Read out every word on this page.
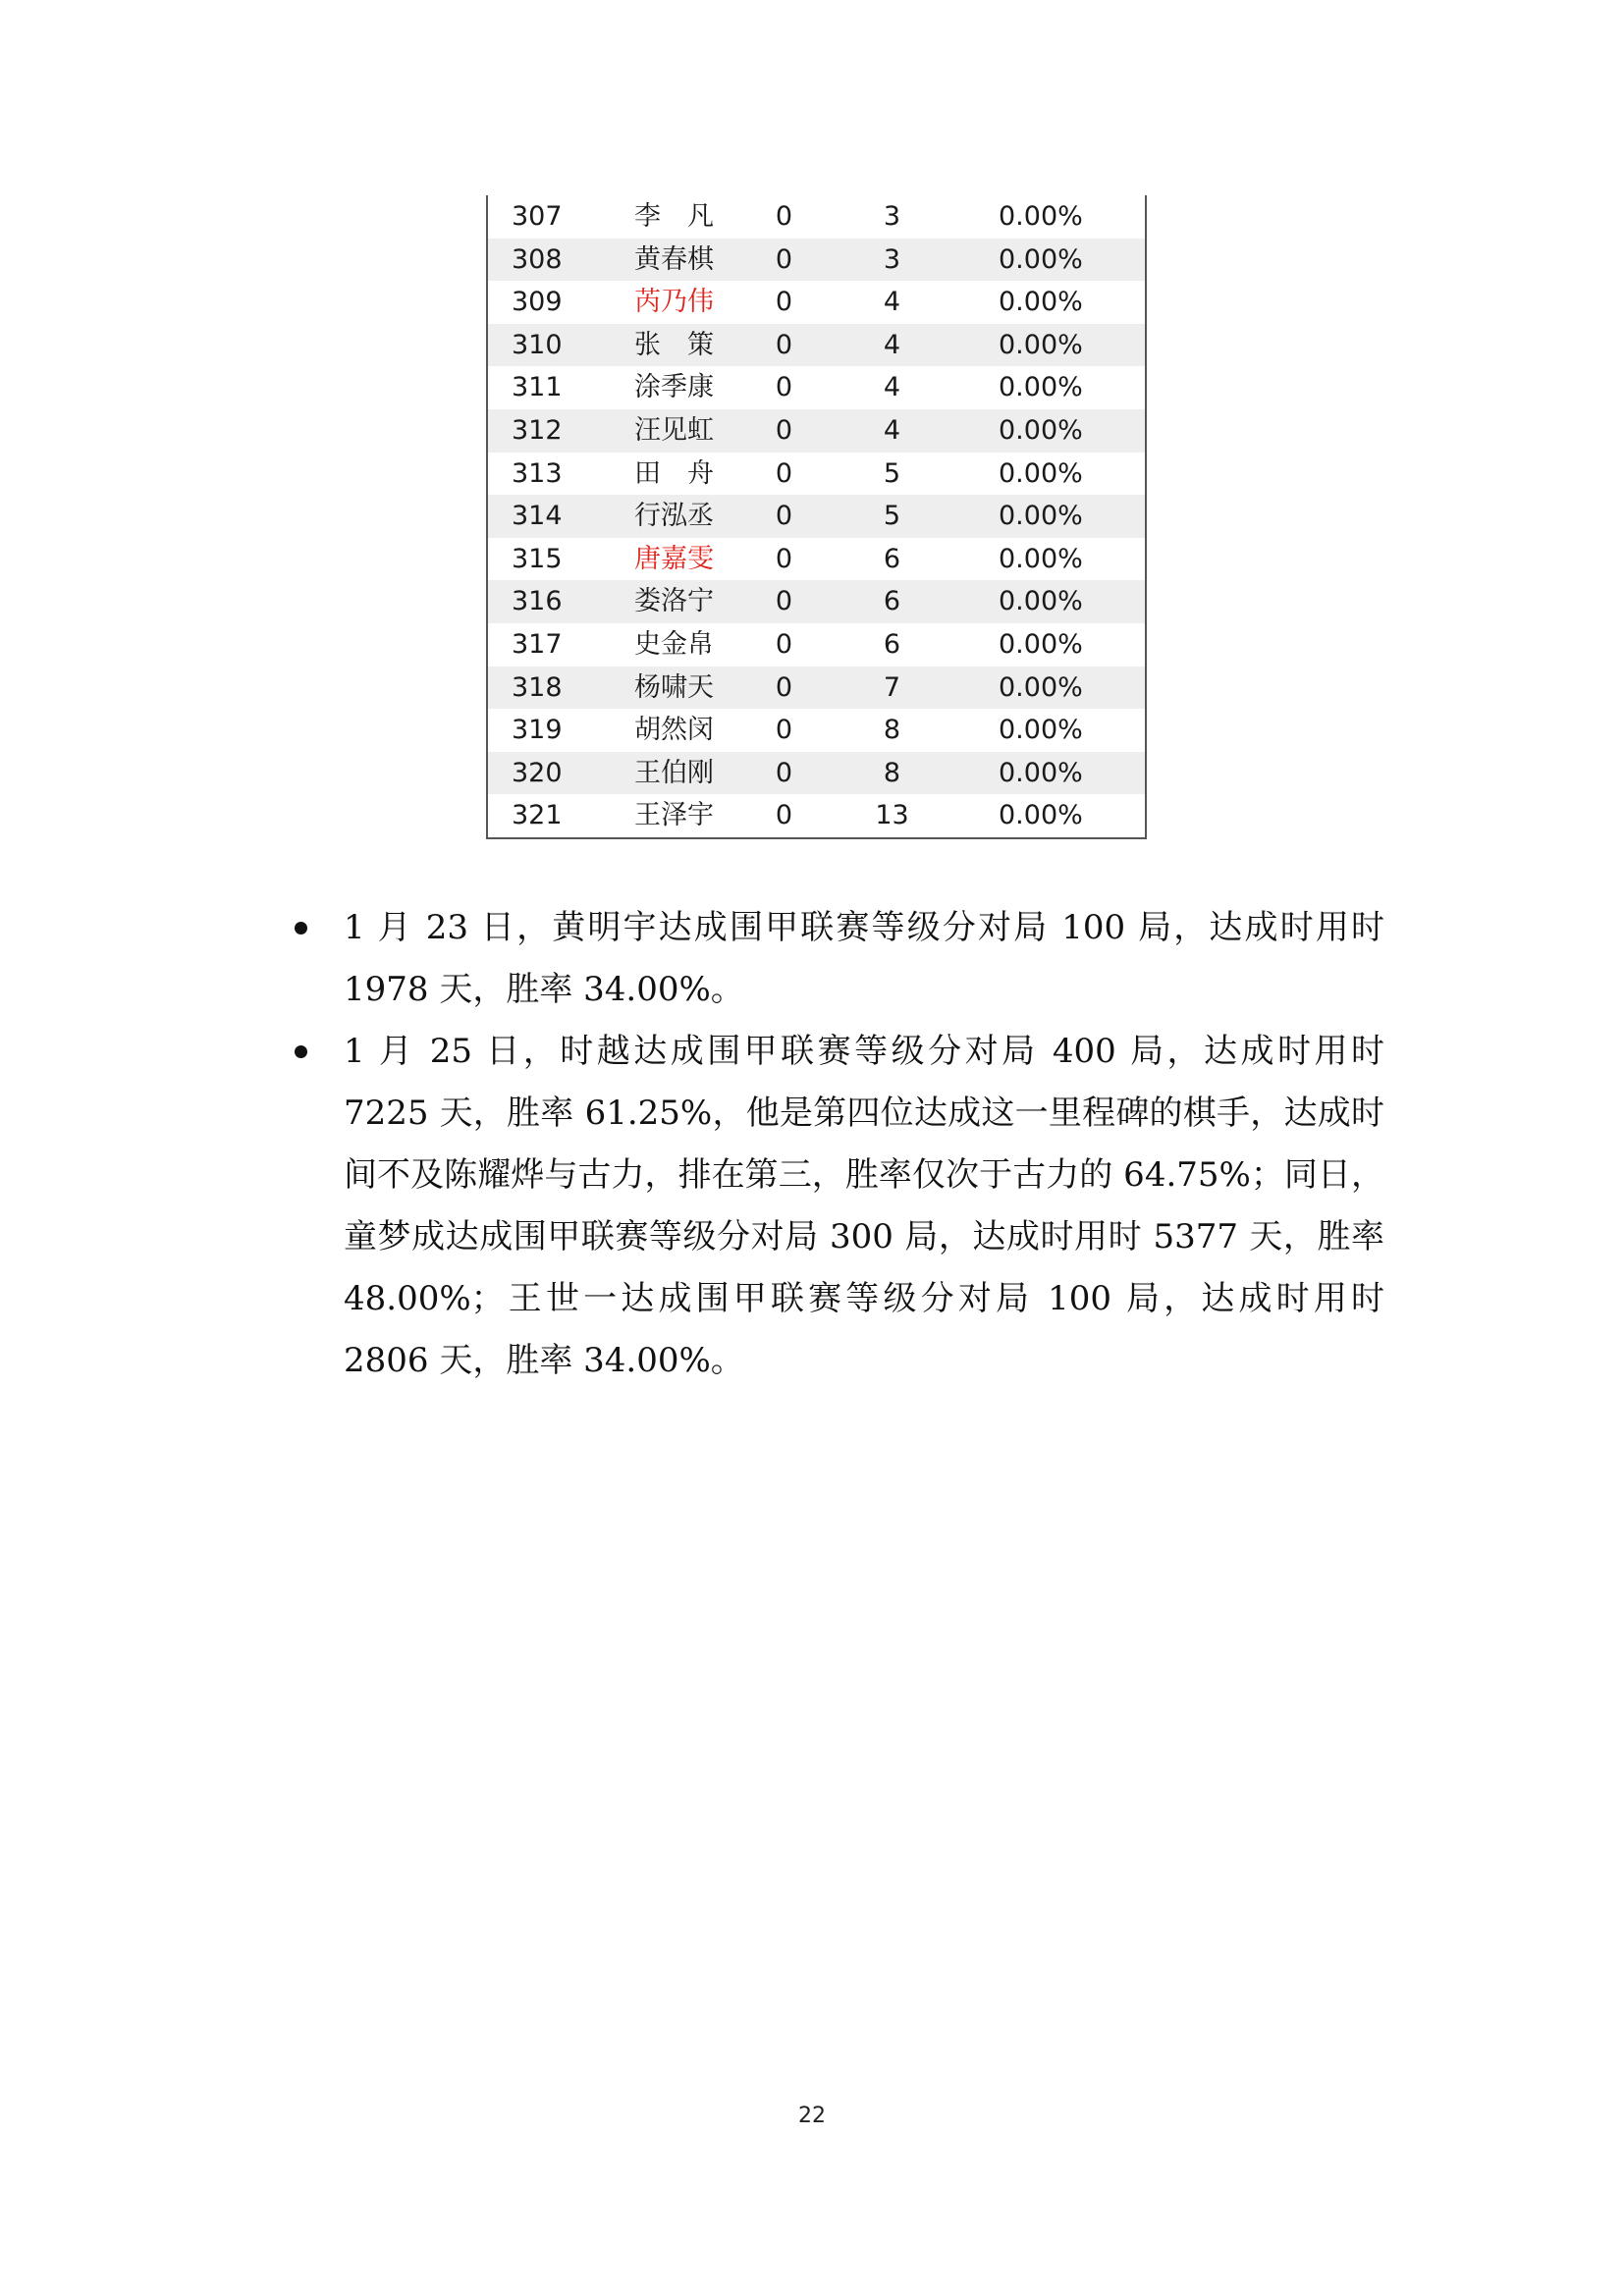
307	李　凡	0	3	0.00%
308	黄春棋	0	3	0.00%
309	芮乃伟	0	4	0.00%
310	张　策	0	4	0.00%
311	涂季康	0	4	0.00%
312	汪见虹	0	4	0.00%
313	田　舟	0	5	0.00%
314	行泓丞	0	5	0.00%
315	唐嘉雯	0	6	0.00%
316	娄洛宁	0	6	0.00%
317	史金帛	0	6	0.00%
318	杨啸天	0	7	0.00%
319	胡然闵	0	8	0.00%
320	王伯刚	0	8	0.00%
321	王泽宇	0	13	0.00%
1 月 23 日，黄明宇达成围甲联赛等级分对局 100 局，达成时用时 1978 天，胜率 34.00%。
1 月 25 日，时越达成围甲联赛等级分对局 400 局，达成时用时 7225 天，胜率 61.25%，他是第四位达成这一里程碑的棋手，达成时间不及陈耀烨与古力，排在第三，胜率仅次于古力的 64.75%；同日，童梦成达成围甲联赛等级分对局 300 局，达成时用时 5377 天，胜率 48.00%；王世一达成围甲联赛等级分对局 100 局，达成时用时 2806 天，胜率 34.00%。
22
